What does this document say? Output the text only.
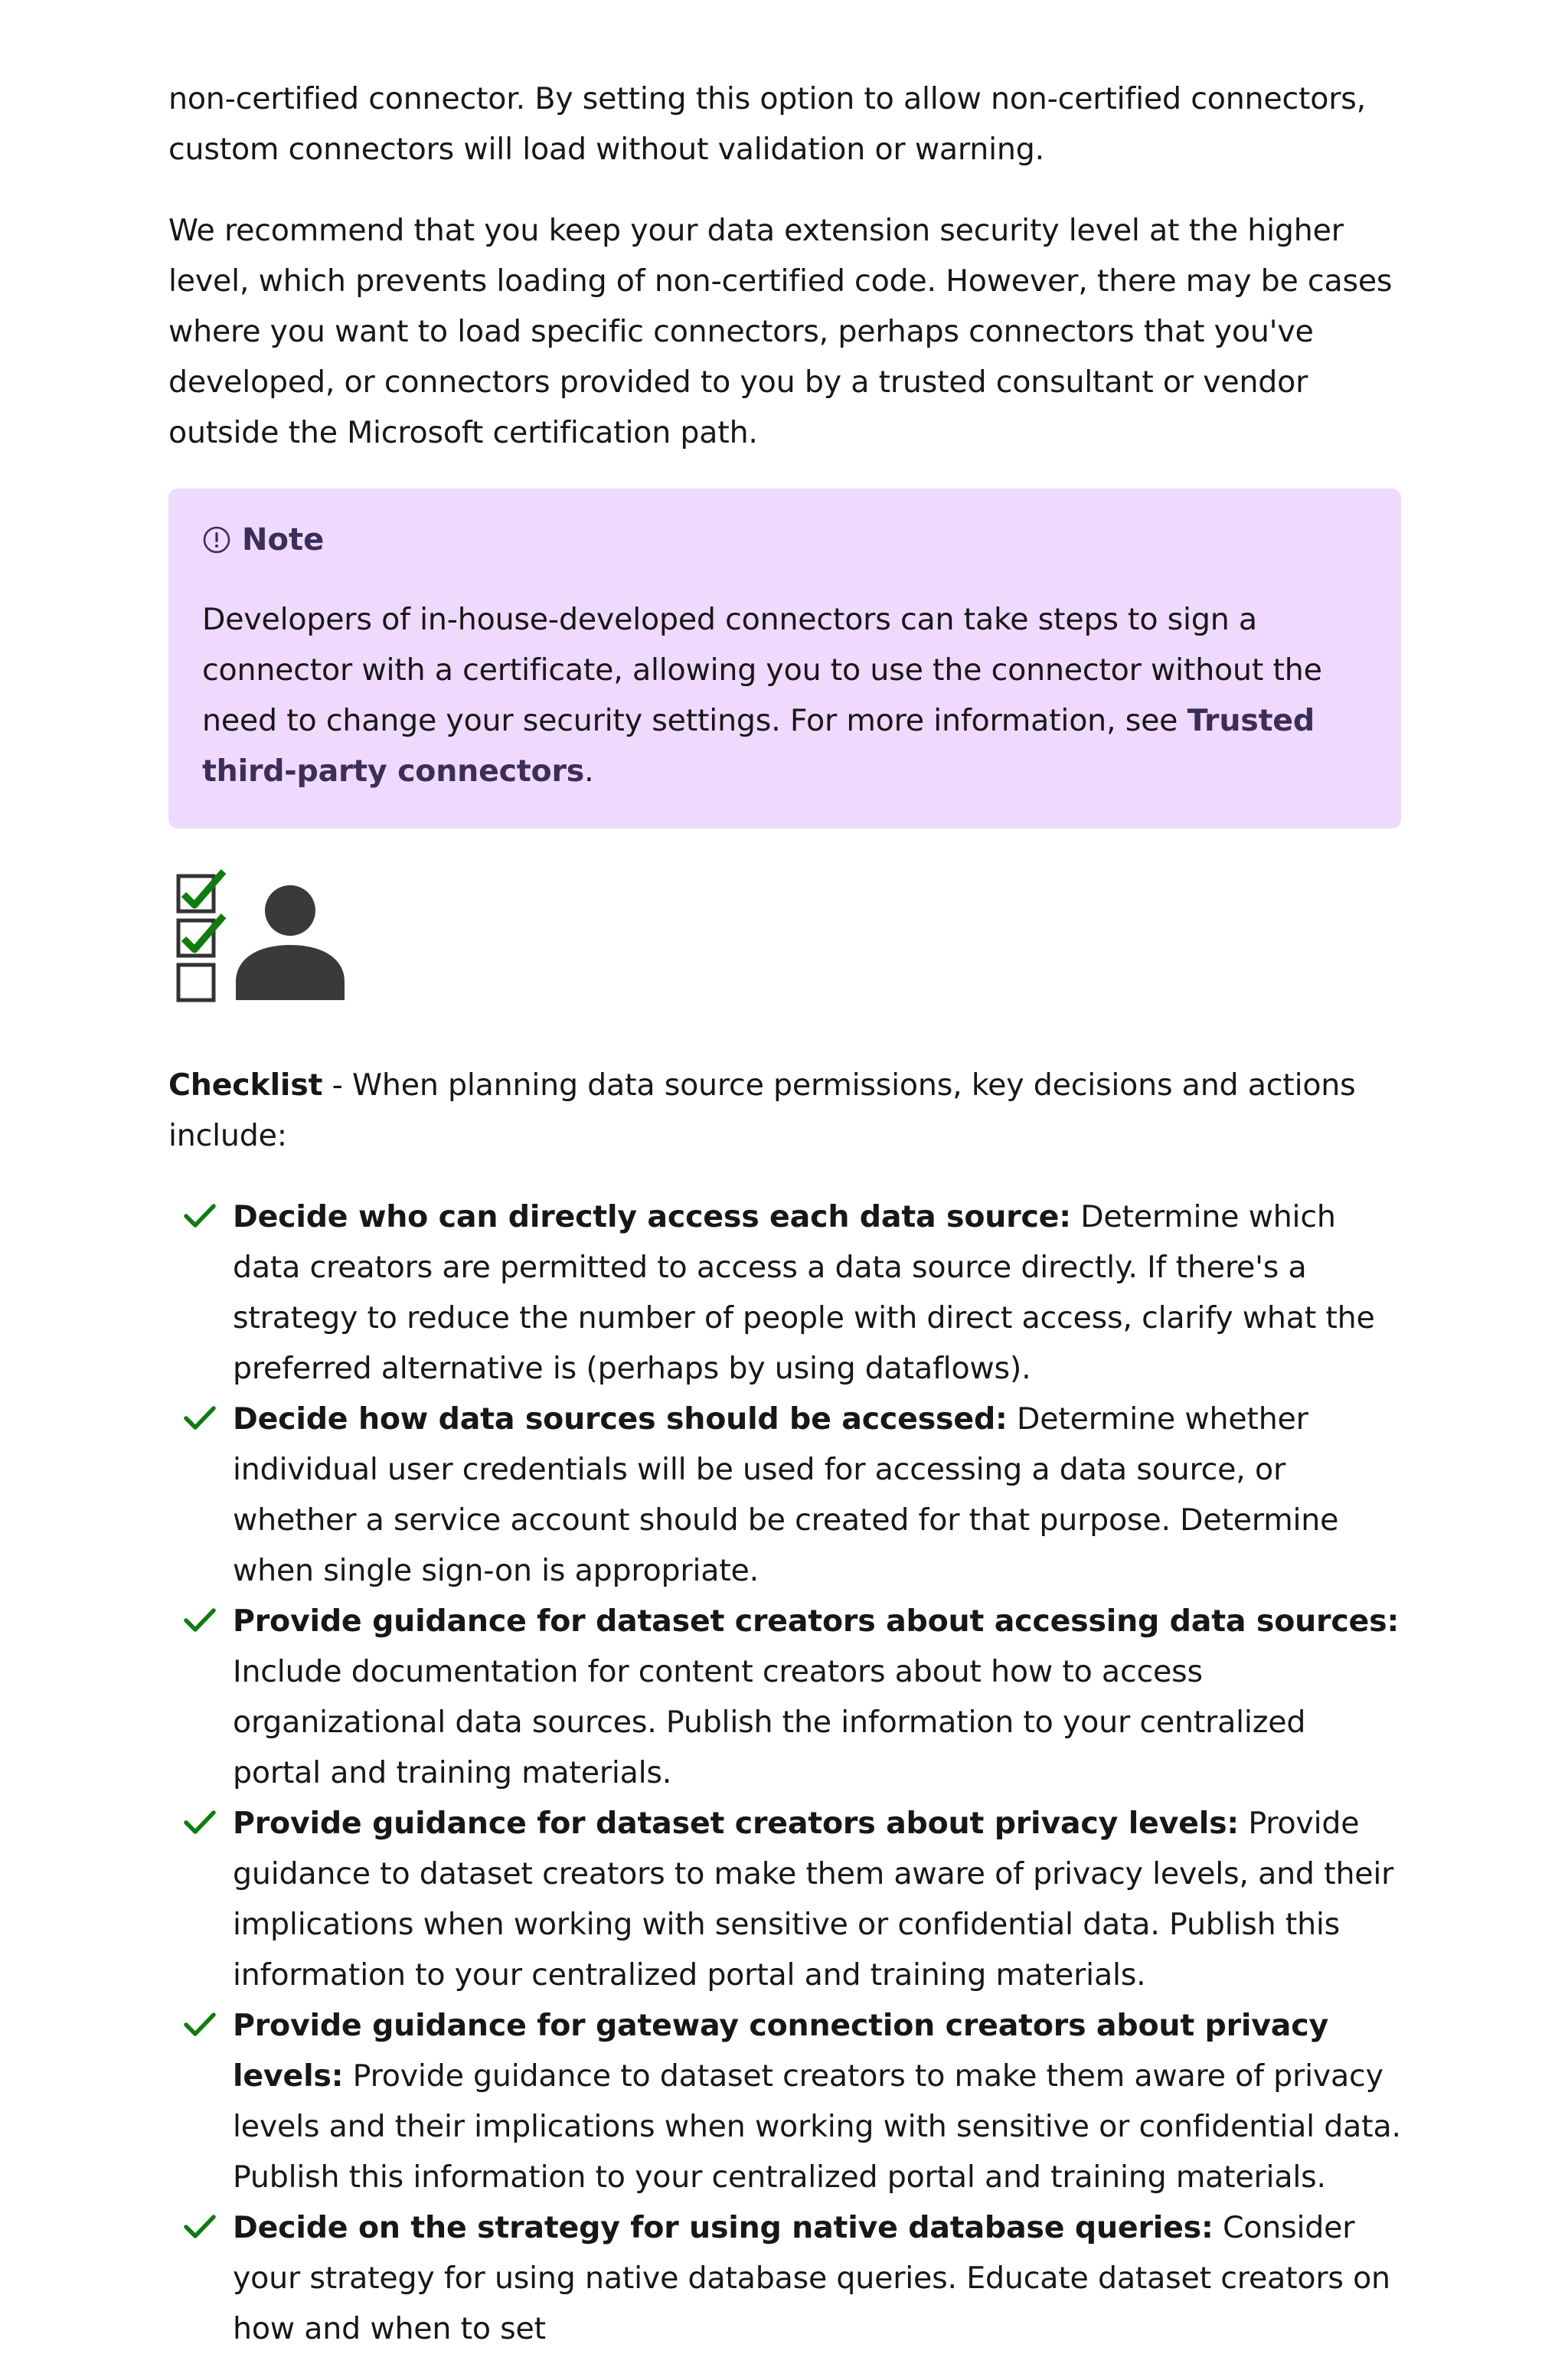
non-certified connector. By setting this option to allow non-certified connectors, custom connectors will load without validation or warning.

We recommend that you keep your data extension security level at the higher level, which prevents loading of non-certified code. However, there may be cases where you want to load specific connectors, perhaps connectors that you've developed, or connectors provided to you by a trusted consultant or vendor outside the Microsoft certification path.

Note
Developers of in-house-developed connectors can take steps to sign a connector with a certificate, allowing you to use the connector without the need to change your security settings. For more information, see Trusted third-party connectors.
Checklist - When planning data source permissions, key decisions and actions include:
Decide who can directly access each data source: Determine which data creators are permitted to access a data source directly. If there's a strategy to reduce the number of people with direct access, clarify what the preferred alternative is (perhaps by using dataflows).
Decide how data sources should be accessed: Determine whether individual user credentials will be used for accessing a data source, or whether a service account should be created for that purpose. Determine when single sign-on is appropriate.
Provide guidance for dataset creators about accessing data sources: Include documentation for content creators about how to access organizational data sources. Publish the information to your centralized portal and training materials.
Provide guidance for dataset creators about privacy levels: Provide guidance to dataset creators to make them aware of privacy levels, and their implications when working with sensitive or confidential data. Publish this information to your centralized portal and training materials.
Provide guidance for gateway connection creators about privacy levels: Provide guidance to dataset creators to make them aware of privacy levels and their implications when working with sensitive or confidential data. Publish this information to your centralized portal and training materials.
Decide on the strategy for using native database queries: Consider your strategy for using native database queries. Educate dataset creators on how and when to set
